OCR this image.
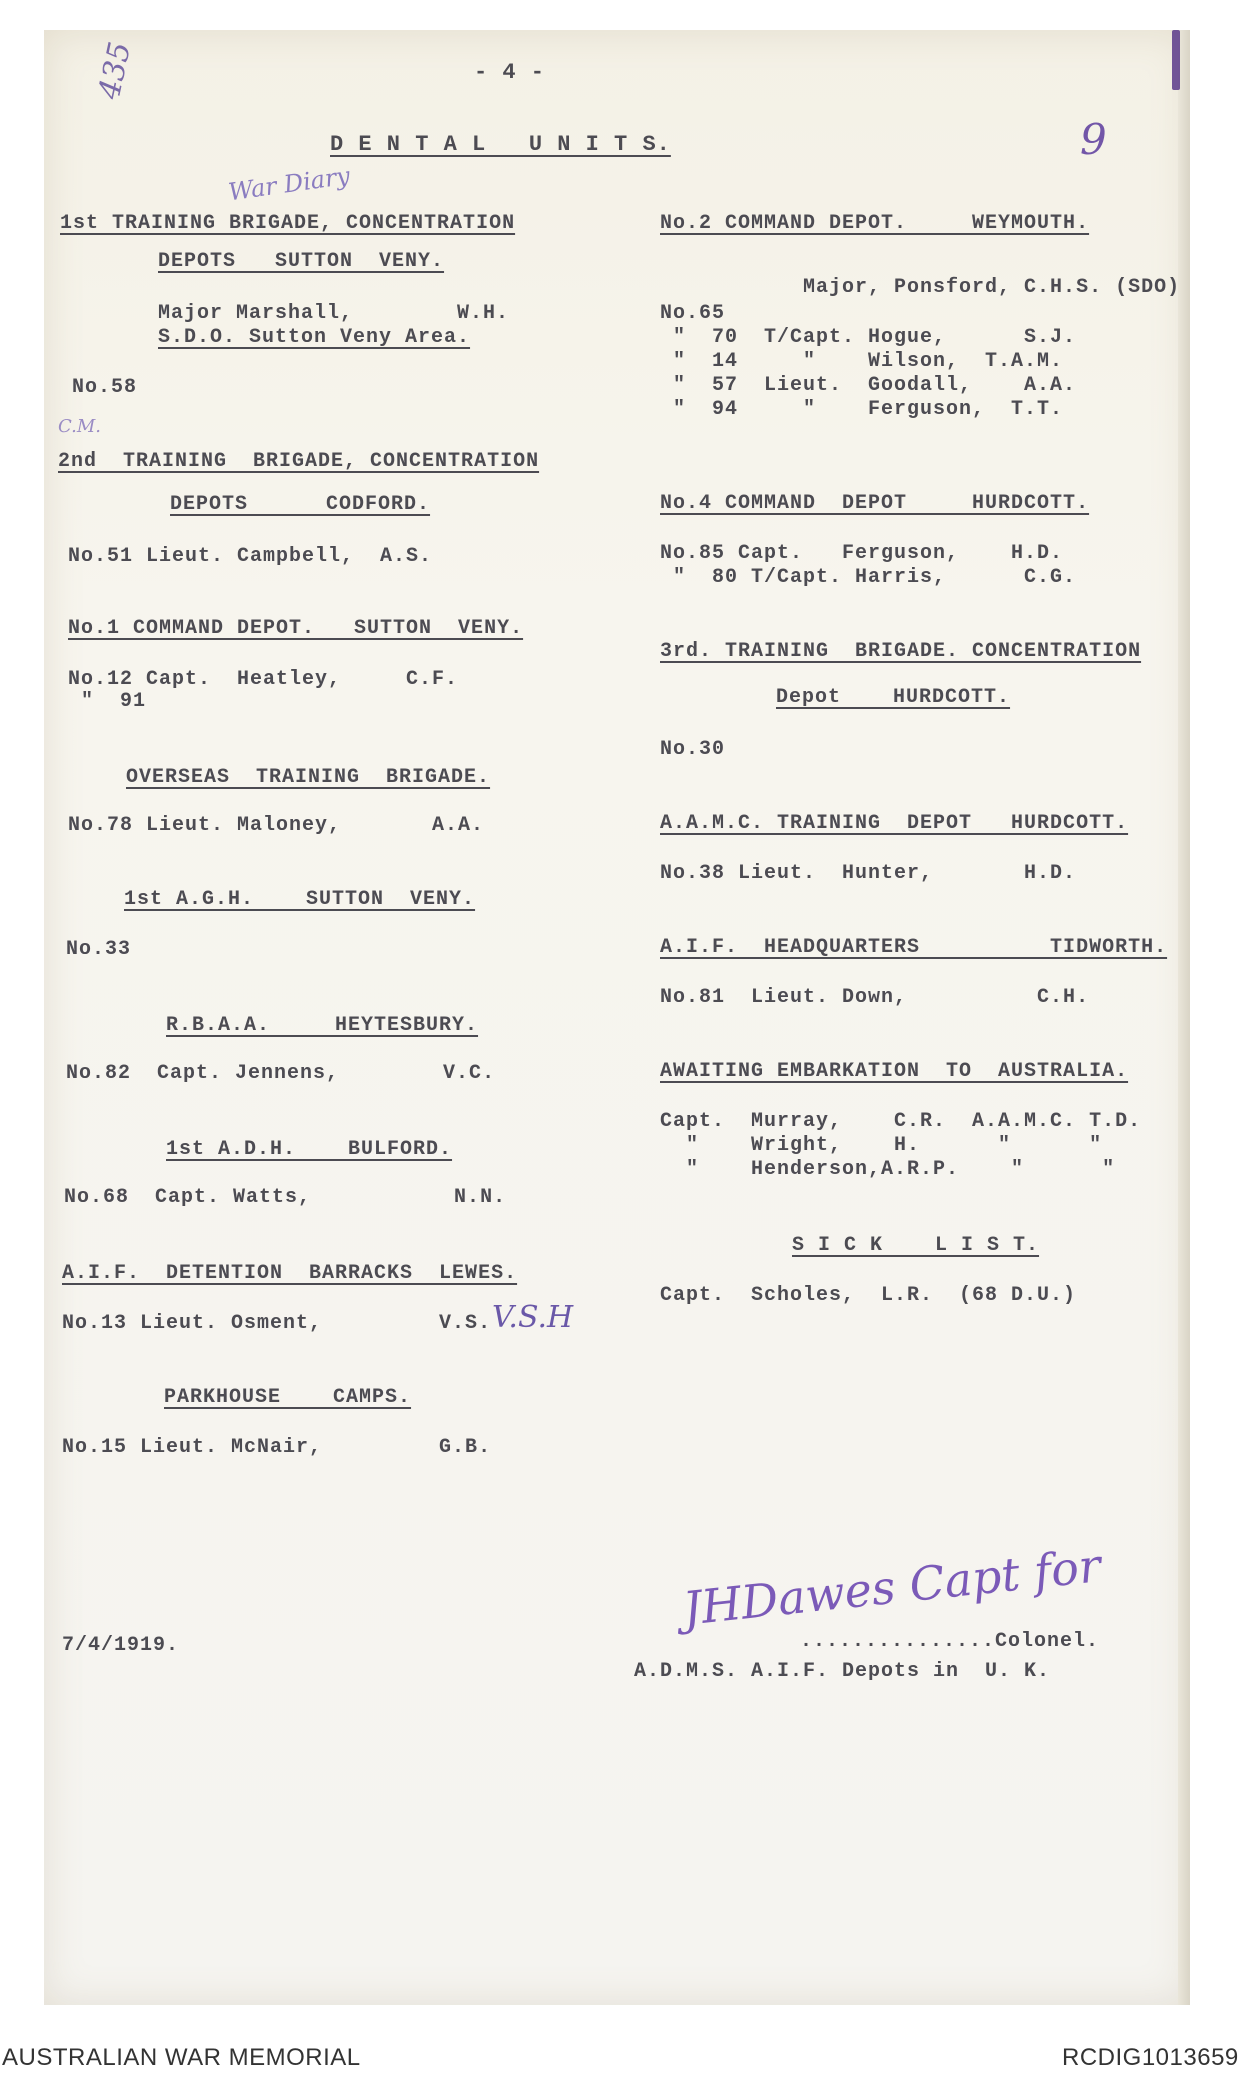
- 4 -
D E N T A L   U N I T S.
435
War Diary
9
C.M.
1st TRAINING BRIGADE, CONCENTRATION
DEPOTS   SUTTON  VENY.
Major Marshall,        W.H.
S.D.O. Sutton Veny Area.
No.58
2nd  TRAINING  BRIGADE, CONCENTRATION
DEPOTS      CODFORD.
No.51 Lieut. Campbell,  A.S.
No.1 COMMAND DEPOT.   SUTTON  VENY.
No.12 Capt.  Heatley,     C.F.
"  91
OVERSEAS  TRAINING  BRIGADE.
No.78 Lieut. Maloney,       A.A.
1st A.G.H.    SUTTON  VENY.
No.33
R.B.A.A.     HEYTESBURY.
No.82  Capt. Jennens,        V.C.
1st A.D.H.    BULFORD.
No.68  Capt. Watts,           N.N.
A.I.F.  DETENTION  BARRACKS  LEWES.
No.13 Lieut. Osment,         V.S. V.S.H
PARKHOUSE    CAMPS.
No.15 Lieut. McNair,         G.B.
No.2 COMMAND DEPOT.     WEYMOUTH.
Major, Ponsford, C.H.S. (SDO)
No.65
"  70  T/Capt. Hogue,      S.J.
"  14     "    Wilson,  T.A.M.
"  57  Lieut.  Goodall,    A.A.
"  94     "    Ferguson,  T.T.
No.4 COMMAND  DEPOT     HURDCOTT.
No.85 Capt.   Ferguson,    H.D.
"  80 T/Capt. Harris,      C.G.
3rd. TRAINING  BRIGADE. CONCENTRATION
Depot    HURDCOTT.
No.30
A.A.M.C. TRAINING  DEPOT   HURDCOTT.
No.38 Lieut.  Hunter,       H.D.
A.I.F.  HEADQUARTERS          TIDWORTH.
No.81  Lieut. Down,          C.H.
AWAITING EMBARKATION  TO  AUSTRALIA.
Capt.  Murray,    C.R.  A.A.M.C. T.D.
"    Wright,    H.      "      "
"    Henderson,A.R.P.    "      "
S I C K    L I S T.
Capt.  Scholes,  L.R.  (68 D.U.)
7/4/1919.	...............Colonel.
JHDawes Capt for
A.D.M.S. A.I.F. Depots in  U. K.
AUSTRALIAN WAR MEMORIAL	RCDIG1013659
